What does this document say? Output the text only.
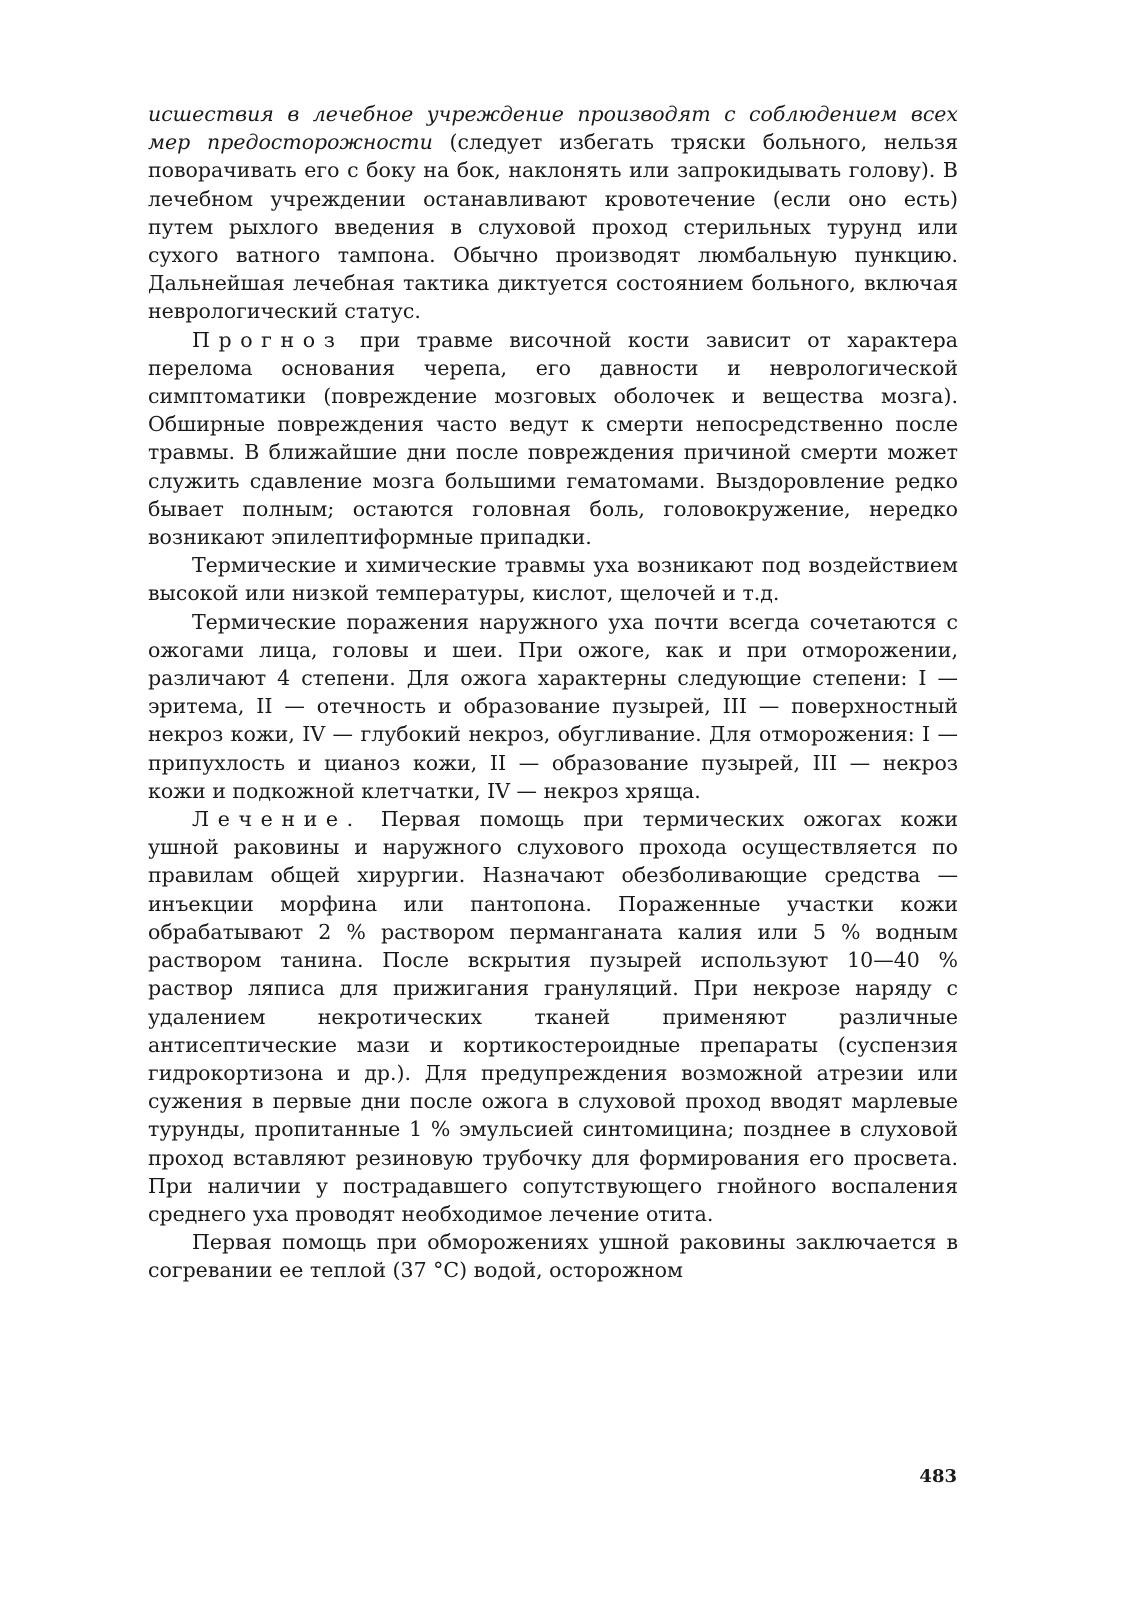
исшествия в лечебное учреждение производят с соблюдением всех мер предосторожности (следует избегать тряски больного, нельзя поворачивать его с боку на бок, наклонять или запрокидывать голову). В лечебном учреждении останавливают кровотечение (если оно есть) путем рыхлого введения в слуховой проход стерильных турунд или сухого ватного тампона. Обычно производят люмбальную пункцию. Дальнейшая лечебная тактика диктуется состоянием больного, включая неврологический статус.

Прогноз при травме височной кости зависит от характера перелома основания черепа, его давности и неврологической симптоматики (повреждение мозговых оболочек и вещества мозга). Обширные повреждения часто ведут к смерти непосредственно после травмы. В ближайшие дни после повреждения причиной смерти может служить сдавление мозга большими гематомами. Выздоровление редко бывает полным; остаются головная боль, головокружение, нередко возникают эпилептиформные припадки.

Термические и химические травмы уха возникают под воздействием высокой или низкой температуры, кислот, щелочей и т.д.

Термические поражения наружного уха почти всегда сочетаются с ожогами лица, головы и шеи. При ожоге, как и при отморожении, различают 4 степени. Для ожога характерны следующие степени: I — эритема, II — отечность и образование пузырей, III — поверхностный некроз кожи, IV — глубокий некроз, обугливание. Для отморожения: I — припухлость и цианоз кожи, II — образование пузырей, III — некроз кожи и подкожной клетчатки, IV — некроз хряща.

Лечение. Первая помощь при термических ожогах кожи ушной раковины и наружного слухового прохода осуществляется по правилам общей хирургии. Назначают обезболивающие средства — инъекции морфина или пантопона. Пораженные участки кожи обрабатывают 2 % раствором перманганата калия или 5 % водным раствором танина. После вскрытия пузырей используют 10—40 % раствор ляписа для прижигания грануляций. При некрозе наряду с удалением некротических тканей применяют различные антисептические мази и кортикостероидные препараты (суспензия гидрокортизона и др.). Для предупреждения возможной атрезии или сужения в первые дни после ожога в слуховой проход вводят марлевые турунды, пропитанные 1 % эмульсией синтомицина; позднее в слуховой проход вставляют резиновую трубочку для формирования его просвета. При наличии у пострадавшего сопутствующего гнойного воспаления среднего уха проводят необходимое лечение отита.

Первая помощь при обморожениях ушной раковины заключается в согревании ее теплой (37 °С) водой, осторожном

483
